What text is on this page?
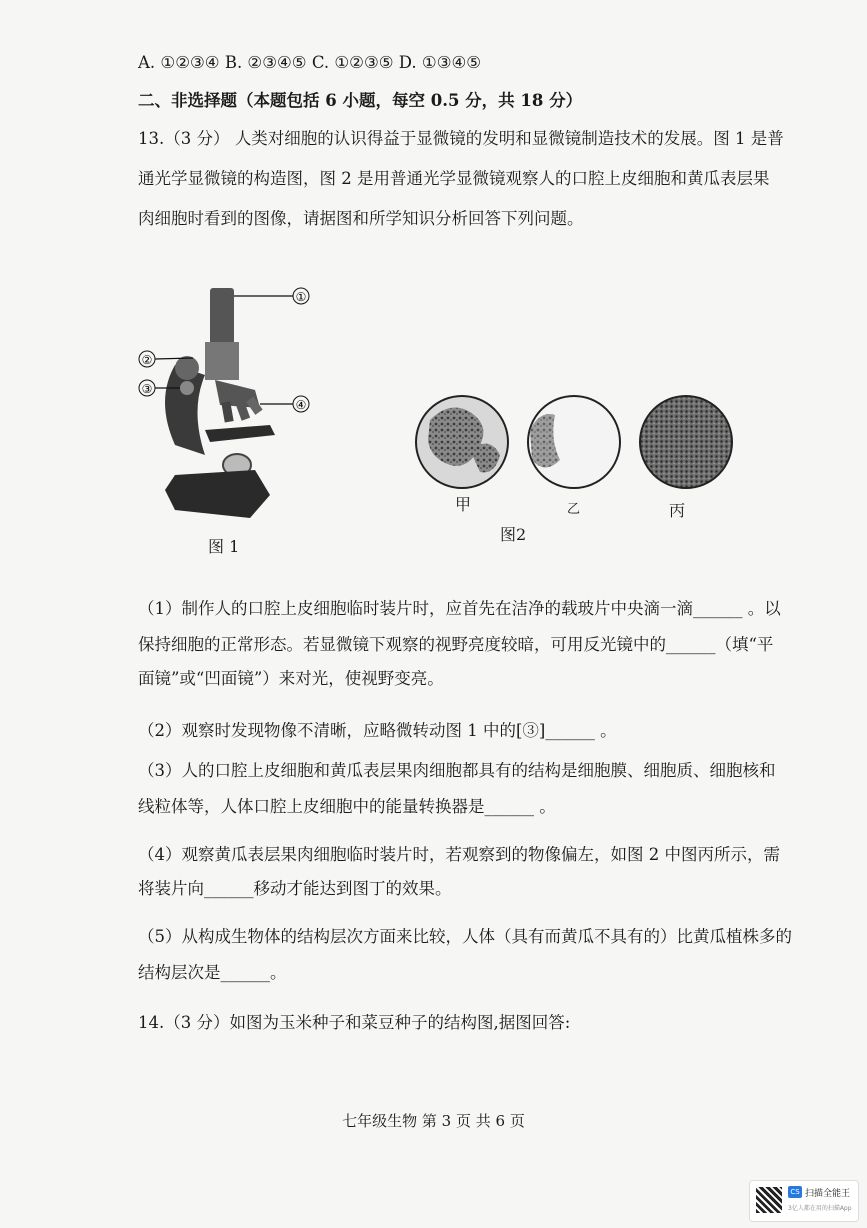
A. ①②③④ B. ②③④⑤ C. ①②③⑤ D. ①③④⑤
二、非选择题（本题包括 6 小题，每空 0.5 分，共 18 分）
13.（3 分） 人类对细胞的认识得益于显微镜的发明和显微镜制造技术的发展。图 1 是普
通光学显微镜的构造图，图 2 是用普通光学显微镜观察人的口腔上皮细胞和黄瓜表层果
肉细胞时看到的图像，请据图和所学知识分析回答下列问题。
①
②
③
④
图 1
甲	乙	丙
图2
（1）制作人的口腔上皮细胞临时装片时，应首先在洁净的载玻片中央滴一滴______ 。以
保持细胞的正常形态。若显微镜下观察的视野亮度较暗，可用反光镜中的______（填“平
面镜”或“凹面镜”）来对光，使视野变亮。
（2）观察时发现物像不清晰，应略微转动图 1 中的[③]______ 。
（3）人的口腔上皮细胞和黄瓜表层果肉细胞都具有的结构是细胞膜、细胞质、细胞核和
线粒体等，人体口腔上皮细胞中的能量转换器是______ 。
（4）观察黄瓜表层果肉细胞临时装片时，若观察到的物像偏左，如图 2 中图丙所示，需
将装片向______移动才能达到图丁的效果。
（5）从构成生物体的结构层次方面来比较，人体（具有而黄瓜不具有的）比黄瓜植株多的
结构层次是______。
14.（3 分）如图为玉米种子和菜豆种子的结构图,据图回答:
七年级生物 第 3 页 共 6 页
CS 扫描全能王
3亿人都在用的扫描App
